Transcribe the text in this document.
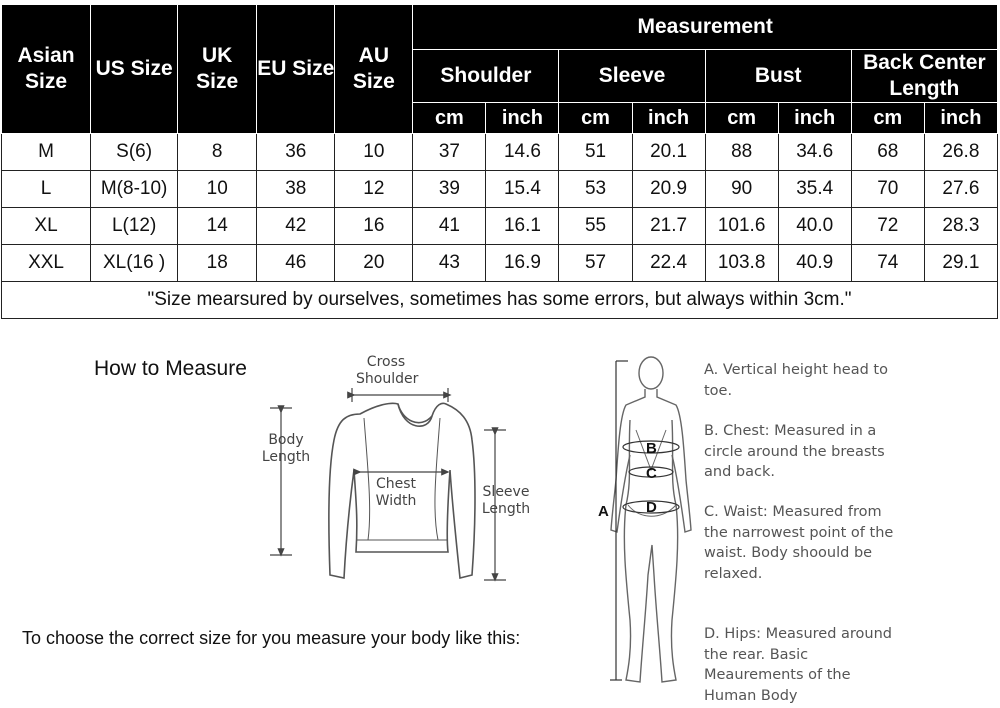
Asian Size	US Size	UK Size	EU Size	AU Size	Measurement							
					Shoulder		Sleeve		Bust		Back Center Length	
					cm	inch	cm	inch	cm	inch	cm	inch
M	S(6)	8	36	10	37	14.6	51	20.1	88	34.6	68	26.8
L	M(8-10)	10	38	12	39	15.4	53	20.9	90	35.4	70	27.6
XL	L(12)	14	42	16	41	16.1	55	21.7	101.6	40.0	72	28.3
XXL	XL(16 )	18	46	20	43	16.9	57	22.4	103.8	40.9	74	29.1
"Size mearsured by ourselves, sometimes has some errors, but always within 3cm."												
How to Measure	Cross Shoulder
Body Length
Chest Width
Sleeve Length	A
B
C
D
A. Vertical height head to toe.
B. Chest: Measured in a circle around the breasts and back.
C. Waist: Measured from the narrowest point of the waist. Body shoould be relaxed.
D. Hips: Measured around the rear. Basic Meaurements of the Human Body
To choose the correct size for you measure your body like this:
